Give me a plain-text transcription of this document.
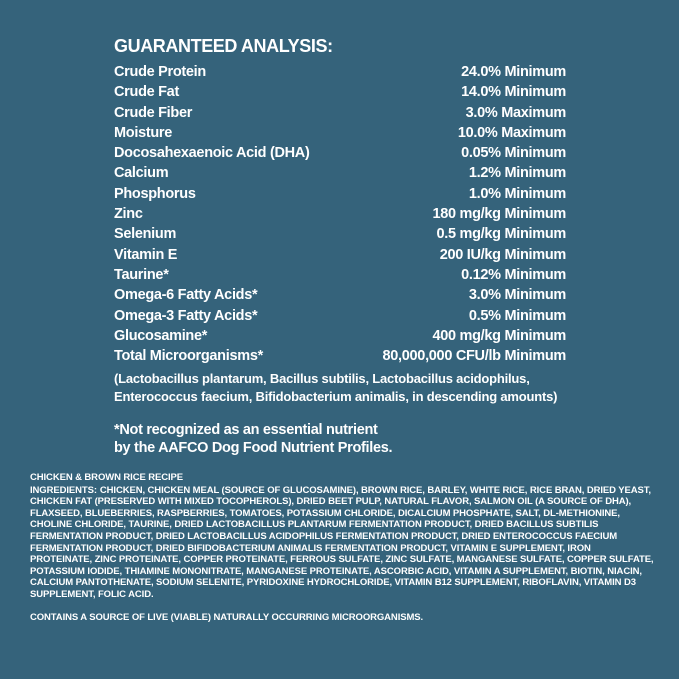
GUARANTEED ANALYSIS:
Crude Protein	24.0% Minimum
Crude Fat	14.0% Minimum
Crude Fiber	3.0% Maximum
Moisture	10.0% Maximum
Docosahexaenoic Acid (DHA)	0.05% Minimum
Calcium	1.2% Minimum
Phosphorus	1.0% Minimum
Zinc	180 mg/kg Minimum
Selenium	0.5 mg/kg Minimum
Vitamin E	200 IU/kg Minimum
Taurine*	0.12% Minimum
Omega-6 Fatty Acids*	3.0% Minimum
Omega-3 Fatty Acids*	0.5% Minimum
Glucosamine*	400 mg/kg Minimum
Total Microorganisms*	80,000,000 CFU/lb Minimum

(Lactobacillus plantarum, Bacillus subtilis, Lactobacillus acidophilus,
Enterococcus faecium, Bifidobacterium animalis, in descending amounts)

*Not recognized as an essential nutrient
by the AAFCO Dog Food Nutrient Profiles.

CHICKEN & BROWN RICE RECIPE

INGREDIENTS: CHICKEN, CHICKEN MEAL (SOURCE OF GLUCOSAMINE), BROWN RICE, BARLEY, WHITE RICE, RICE BRAN, DRIED YEAST, CHICKEN FAT (PRESERVED WITH MIXED TOCOPHEROLS), DRIED BEET PULP, NATURAL FLAVOR, SALMON OIL (A SOURCE OF DHA), FLAXSEED, BLUEBERRIES, RASPBERRIES, TOMATOES, POTASSIUM CHLORIDE, DICALCIUM PHOSPHATE, SALT, DL-METHIONINE, CHOLINE CHLORIDE, TAURINE, DRIED LACTOBACILLUS PLANTARUM FERMENTATION PRODUCT, DRIED BACILLUS SUBTILIS FERMENTATION PRODUCT, DRIED LACTOBACILLUS ACIDOPHILUS FERMENTATION PRODUCT, DRIED ENTEROCOCCUS FAECIUM FERMENTATION PRODUCT, DRIED BIFIDOBACTERIUM ANIMALIS FERMENTATION PRODUCT, VITAMIN E SUPPLEMENT, IRON PROTEINATE, ZINC PROTEINATE, COPPER PROTEINATE, FERROUS SULFATE, ZINC SULFATE, MANGANESE SULFATE, COPPER SULFATE, POTASSIUM IODIDE, THIAMINE MONONITRATE, MANGANESE PROTEINATE, ASCORBIC ACID, VITAMIN A SUPPLEMENT, BIOTIN, NIACIN, CALCIUM PANTOTHENATE, SODIUM SELENITE, PYRIDOXINE HYDROCHLORIDE, VITAMIN B12 SUPPLEMENT, RIBOFLAVIN, VITAMIN D3 SUPPLEMENT, FOLIC ACID.

CONTAINS A SOURCE OF LIVE (VIABLE) NATURALLY OCCURRING MICROORGANISMS.
